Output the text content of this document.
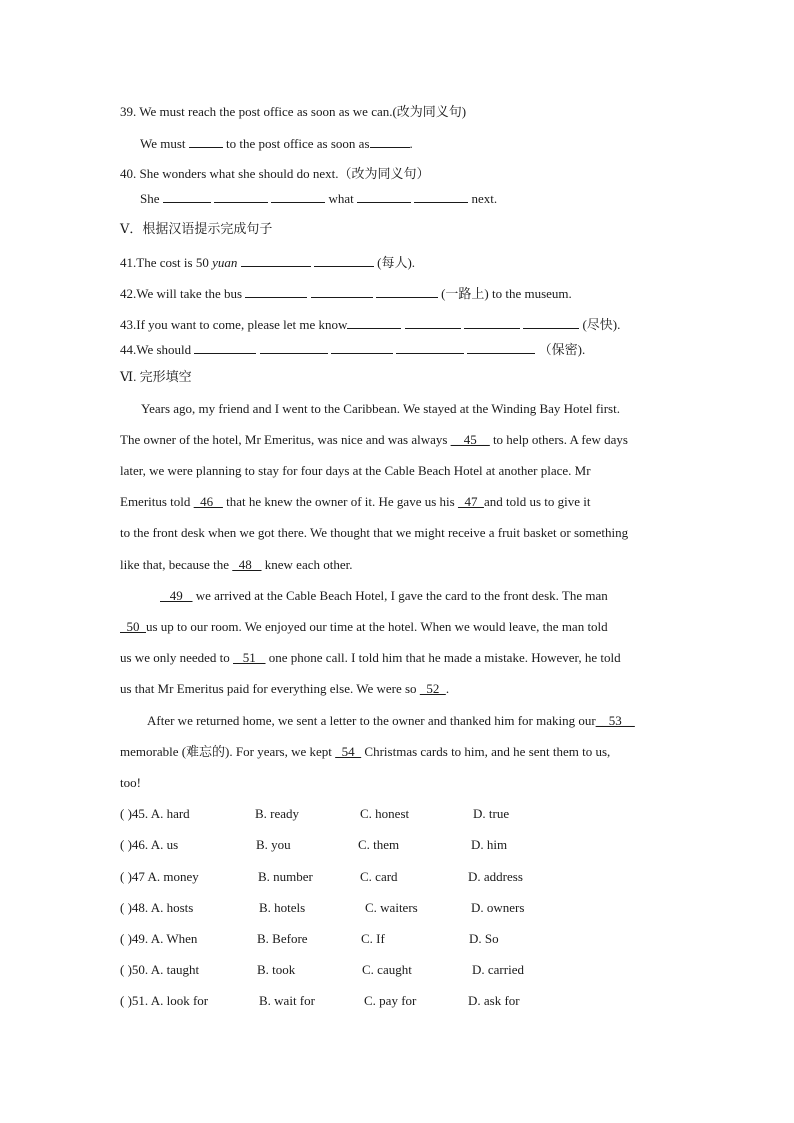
39. We must reach the post office as soon as we can.(改为同义句)
We must	to the post office as soon as	.
40. She wonders what she should do next.（改为同义句）
She	what	next.
Ⅴ．根据汉语提示完成句子
41.The cost is 50 yuan	(每人).
42.We will take the bus	(一路上) to the museum.
43.If you want to come, please let me know	(尽快).
44.We should	（保密).
Ⅵ. 完形填空
Years ago, my friend and I went to the Caribbean. We stayed at the Winding Bay Hotel first.
The owner of the hotel, Mr Emeritus, was nice and was always __45__ to help others. A few days
later, we were planning to stay for four days at the Cable Beach Hotel at another place. Mr
Emeritus told   46    that he knew the owner of it. He gave us his   47  and told us to give it
to the front desk when we got there. We thought that we might receive a fruit basket or something
like that, because the   48    knew each other.
49    we arrived at the Cable Beach Hotel, I gave the card to the front desk. The man
50  us up to our room. We enjoyed our time at the hotel. When we would leave, the man told
us we only needed to    51    one phone call. I told him that he made a mistake. However, he told
us that Mr Emeritus paid for everything else. We were so   52  .
After we returned home, we sent a letter to the owner and thanked him for making our__53__
memorable (难忘的). For years, we kept   54   Christmas cards to him, and he sent them to us,
too!
( )45. A. hard	B. ready	C. honest	D. true
( )46. A. us	B. you	C. them	D. him
( )47 A. money	B. number	C. card	D. address
( )48. A. hosts	B. hotels	C. waiters	D. owners
( )49. A. When	B. Before	C. If	D. So
( )50. A. taught	B. took	C. caught	D. carried
( )51. A. look for	B. wait for	C. pay for	D. ask for
